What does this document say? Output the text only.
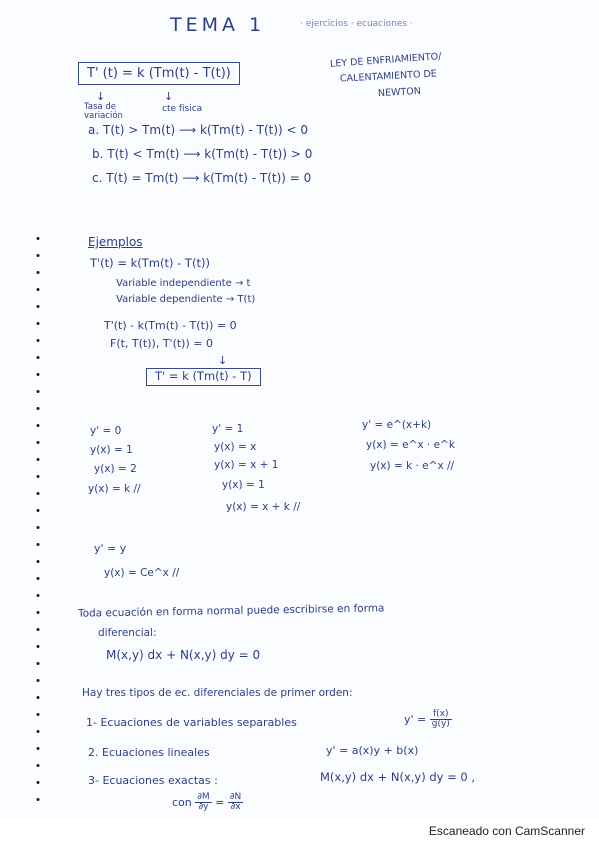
TEMA 1	· ejercicios · ecuaciones ·
T' (t) = k (Tm(t) - T(t))
LEY DE ENFRIAMIENTO/
CALENTAMIENTO DE
NEWTON
↓	↓
Tasa de
variación
cte física
a. T(t) > Tm(t) ⟶ k(Tm(t) - T(t)) < 0
b. T(t) < Tm(t) ⟶ k(Tm(t) - T(t)) > 0
c. T(t) = Tm(t) ⟶ k(Tm(t) - T(t)) = 0
Ejemplos
T'(t) = k(Tm(t) - T(t))
Variable independiente → t
Variable dependiente → T(t)
T'(t) - k(Tm(t) - T(t)) = 0
F(t, T(t)), T'(t)) = 0
↓
T' = k (Tm(t) - T)
y' = 0
y(x) = 1
y(x) = 2
y(x) = k //
y' = 1
y(x) = x
y(x) = x + 1
y(x) = 1
y(x) = x + k //
y' = e^(x+k)
y(x) = e^x · e^k
y(x) = k · e^x //
y' = y
y(x) = Ce^x //
Toda ecuación en forma normal puede escribirse en forma
diferencial:
M(x,y) dx + N(x,y) dy = 0
Hay tres tipos de ec. diferenciales de primer orden:
1- Ecuaciones de variables separables	$y' = \frac{f(x)}{g(y)}$
2. Ecuaciones lineales	y' = a(x)y + b(x)
3- Ecuaciones exactas :	M(x,y) dx + N(x,y) dy = 0 ,
con $\frac{\partial M}{\partial y} = \frac{\partial N}{\partial x}$
Escaneado con CamScanner
